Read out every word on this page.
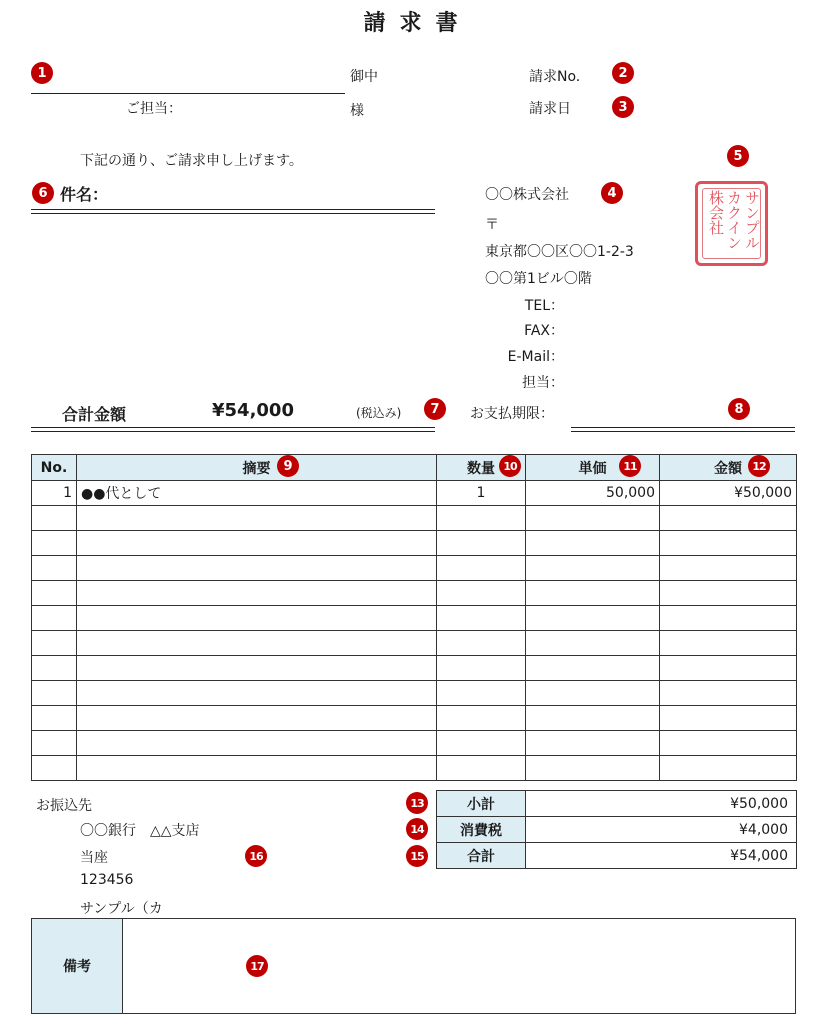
請求書
1	御中
ご担当：	様
請求No.	2
請求日	3
下記の通り、ご請求申し上げます。	5
6 件名：	〇〇株式会社	4
〒
東京都〇〇区〇〇1-2-3
〇〇第1ビル〇階
TEL：
FAX：
E-Mail：
担当：
サンプル
カクイン
株会社
合計金額	¥54,000	(税込み)	7	お支払期限：	8
No.	摘要	数量	単価	金額
1	●●代として	1	50,000	¥50,000

9	10	11	12
お振込先
〇〇銀行　△△支店
当座
123456
サンプル（カ
16
13
14
15
小計	¥50,000
消費税	¥4,000
合計	¥54,000
備考	17
